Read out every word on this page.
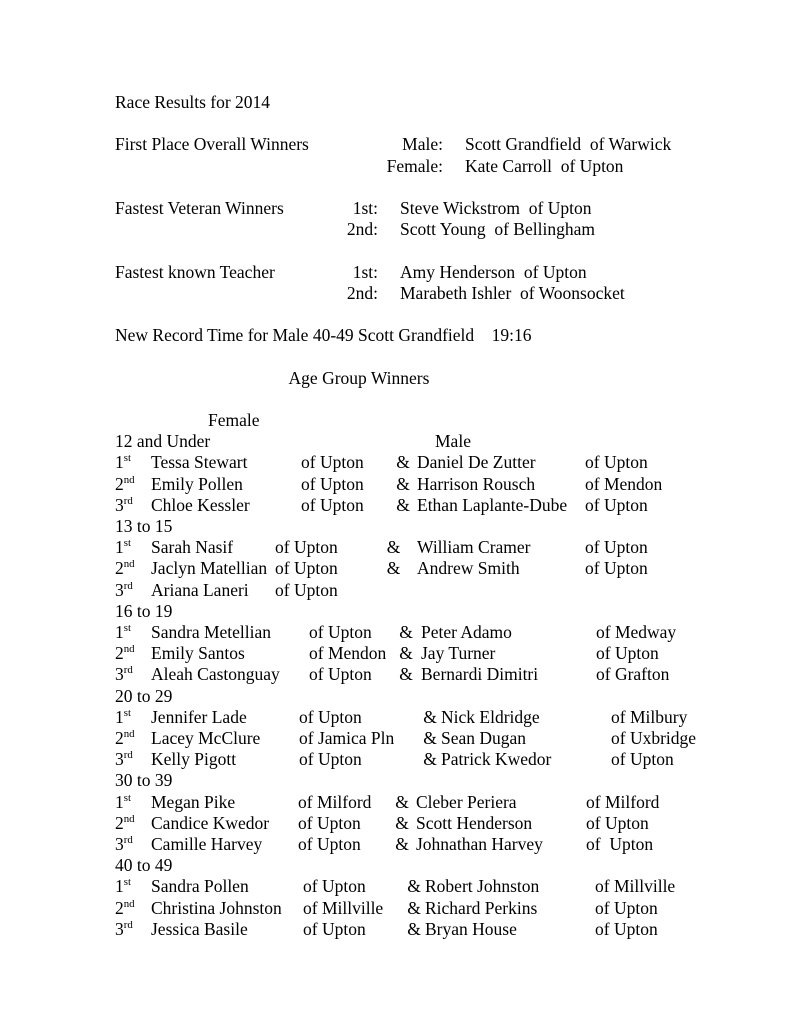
Race Results for 2014
First Place Overall Winners	Male:	Scott Grandfield  of Warwick
Female:	Kate Carroll  of Upton
Fastest Veteran Winners	1st:	Steve Wickstrom  of Upton
2nd:	Scott Young  of Bellingham
Fastest known Teacher	1st:	Amy Henderson  of Upton
2nd:	Marabeth Ishler  of Woonsocket
New Record Time for Male 40-49 Scott Grandfield    19:16
Age Group Winners

Female

Male

12 and Under
1st	Tessa Stewart	of Upton	& Daniel De Zutter	of Upton
2nd Emily Pollen	of Upton	& Harrison Rousch	of Mendon
3rd	Chloe Kessler	of Upton	& Ethan Laplante-Dube	of Upton
13 to 15
1st	Sarah Nasif	of Upton	& William Cramer	of Upton
2nd Jaclyn Matellian of Upton	& Andrew Smith	of Upton
3rd	Ariana Laneri	of Upton
16 to 19
1st	Sandra Metellian	of Upton	& Peter Adamo	of Medway
2nd Emily Santos	of Mendon & Jay Turner	of Upton
3rd	Aleah Castonguay	of Upton	& Bernardi Dimitri	of Grafton
20 to 29
1st	Jennifer Lade	of Upton	& Nick Eldridge	of Milbury
2nd Lacey McClure	of Jamica Pln	& Sean Dugan	of Uxbridge
3rd	Kelly Pigott	of Upton	& Patrick Kwedor	of Upton
30 to 39
1st	Megan Pike	of Milford	& Cleber Periera	of Milford
2nd Candice Kwedor	of Upton	& Scott Henderson	of Upton
3rd	Camille Harvey	of Upton	& Johnathan Harvey	of  Upton
40 to 49
1st	Sandra Pollen	of Upton	& Robert Johnston	of Millville
2nd Christina Johnston	of Millville	& Richard Perkins	of Upton
3rd	Jessica Basile	of Upton	& Bryan House	of Upton
